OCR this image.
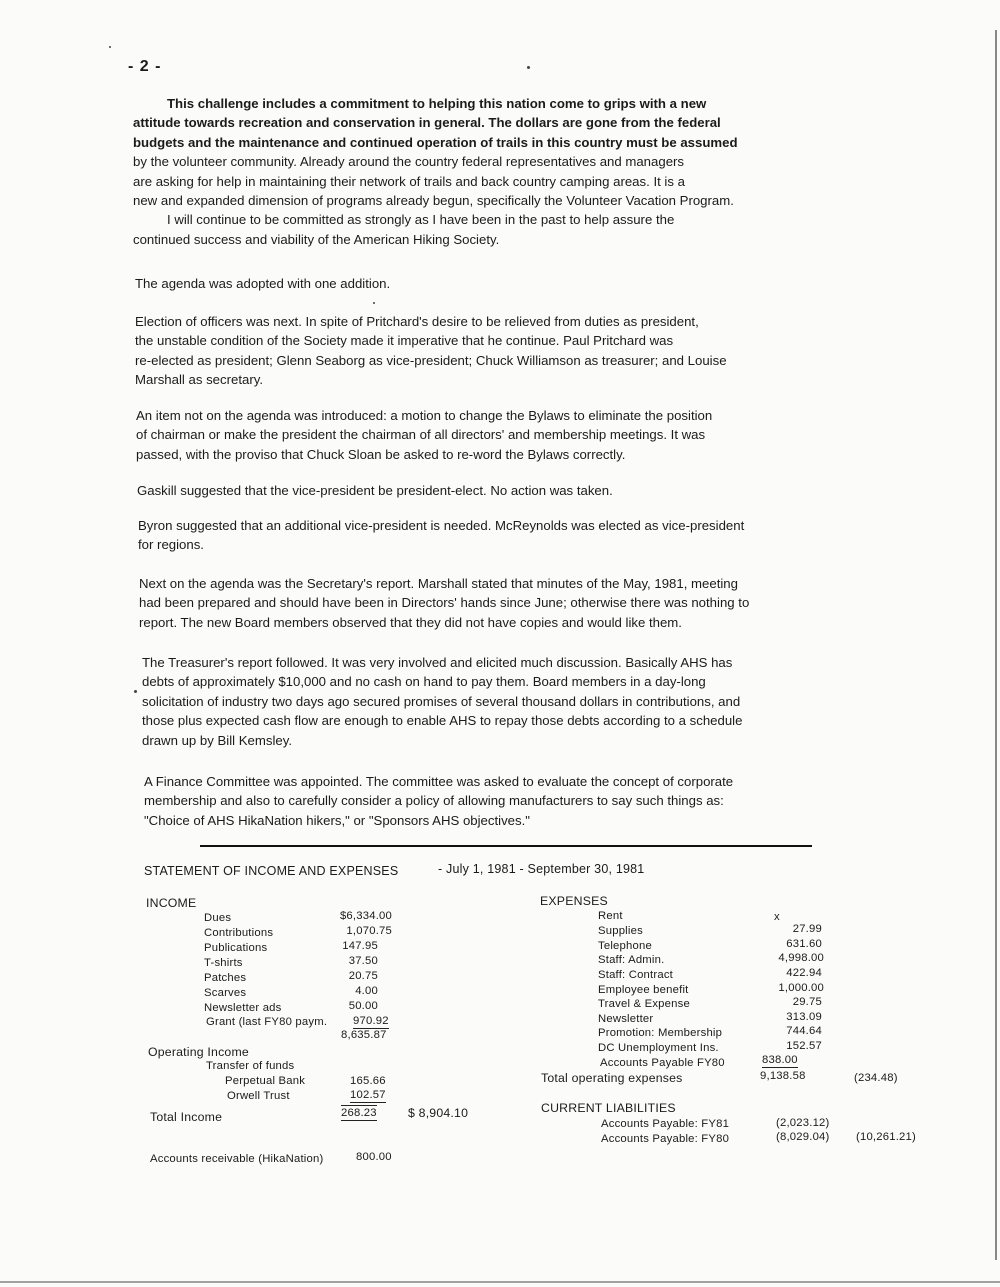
- 2 -
This challenge includes a commitment to helping this nation come to grips with a new
attitude towards recreation and conservation in general. The dollars are gone from the federal
budgets and the maintenance and continued operation of trails in this country must be assumed
by the volunteer community. Already around the country federal representatives and managers
are asking for help in maintaining their network of trails and back country camping areas. It is a
new and expanded dimension of programs already begun, specifically the Volunteer Vacation Program.
I will continue to be committed as strongly as I have been in the past to help assure the
continued success and viability of the American Hiking Society.
The agenda was adopted with one addition.
Election of officers was next. In spite of Pritchard's desire to be relieved from duties as president,
the unstable condition of the Society made it imperative that he continue. Paul Pritchard was
re-elected as president; Glenn Seaborg as vice-president; Chuck Williamson as treasurer; and Louise
Marshall as secretary.
An item not on the agenda was introduced: a motion to change the Bylaws to eliminate the position
of chairman or make the president the chairman of all directors' and membership meetings. It was
passed, with the proviso that Chuck Sloan be asked to re-word the Bylaws correctly.
Gaskill suggested that the vice-president be president-elect. No action was taken.
Byron suggested that an additional vice-president is needed. McReynolds was elected as vice-president
for regions.
Next on the agenda was the Secretary's report. Marshall stated that minutes of the May, 1981, meeting
had been prepared and should have been in Directors' hands since June; otherwise there was nothing to
report. The new Board members observed that they did not have copies and would like them.
The Treasurer's report followed. It was very involved and elicited much discussion. Basically AHS has
debts of approximately $10,000 and no cash on hand to pay them. Board members in a day-long
solicitation of industry two days ago secured promises of several thousand dollars in contributions, and
those plus expected cash flow are enough to enable AHS to repay those debts according to a schedule
drawn up by Bill Kemsley.
A Finance Committee was appointed. The committee was asked to evaluate the concept of corporate
membership and also to carefully consider a policy of allowing manufacturers to say such things as:
"Choice of AHS HikaNation hikers," or "Sponsors AHS objectives."
STATEMENT OF INCOME AND EXPENSES	- July 1, 1981 - September 30, 1981
INCOME
Dues	$6,334.00
Contributions	1,070.75
Publications	147.95
T-shirts	37.50
Patches	20.75
Scarves	4.00
Newsletter ads	50.00
Grant (last FY80 paym. 970.92
8,635.87
Operating Income
Transfer of funds
Perpetual Bank	165.66
Orwell Trust	102.57
Total Income	268.23	$ 8,904.10
Accounts receivable (HikaNation)	800.00
EXPENSES
Rent	x
Supplies	27.99
Telephone	631.60
Staff: Admin.	4,998.00
Staff: Contract	422.94
Employee benefit	1,000.00
Travel & Expense	29.75
Newsletter	313.09
Promotion: Membership	744.64
DC Unemployment Ins.	152.57
Accounts Payable FY80	838.00
Total operating expenses	9,138.58	(234.48)
CURRENT LIABILITIES
Accounts Payable: FY81	(2,023.12)
Accounts Payable: FY80	(8,029.04) (10,261.21)
